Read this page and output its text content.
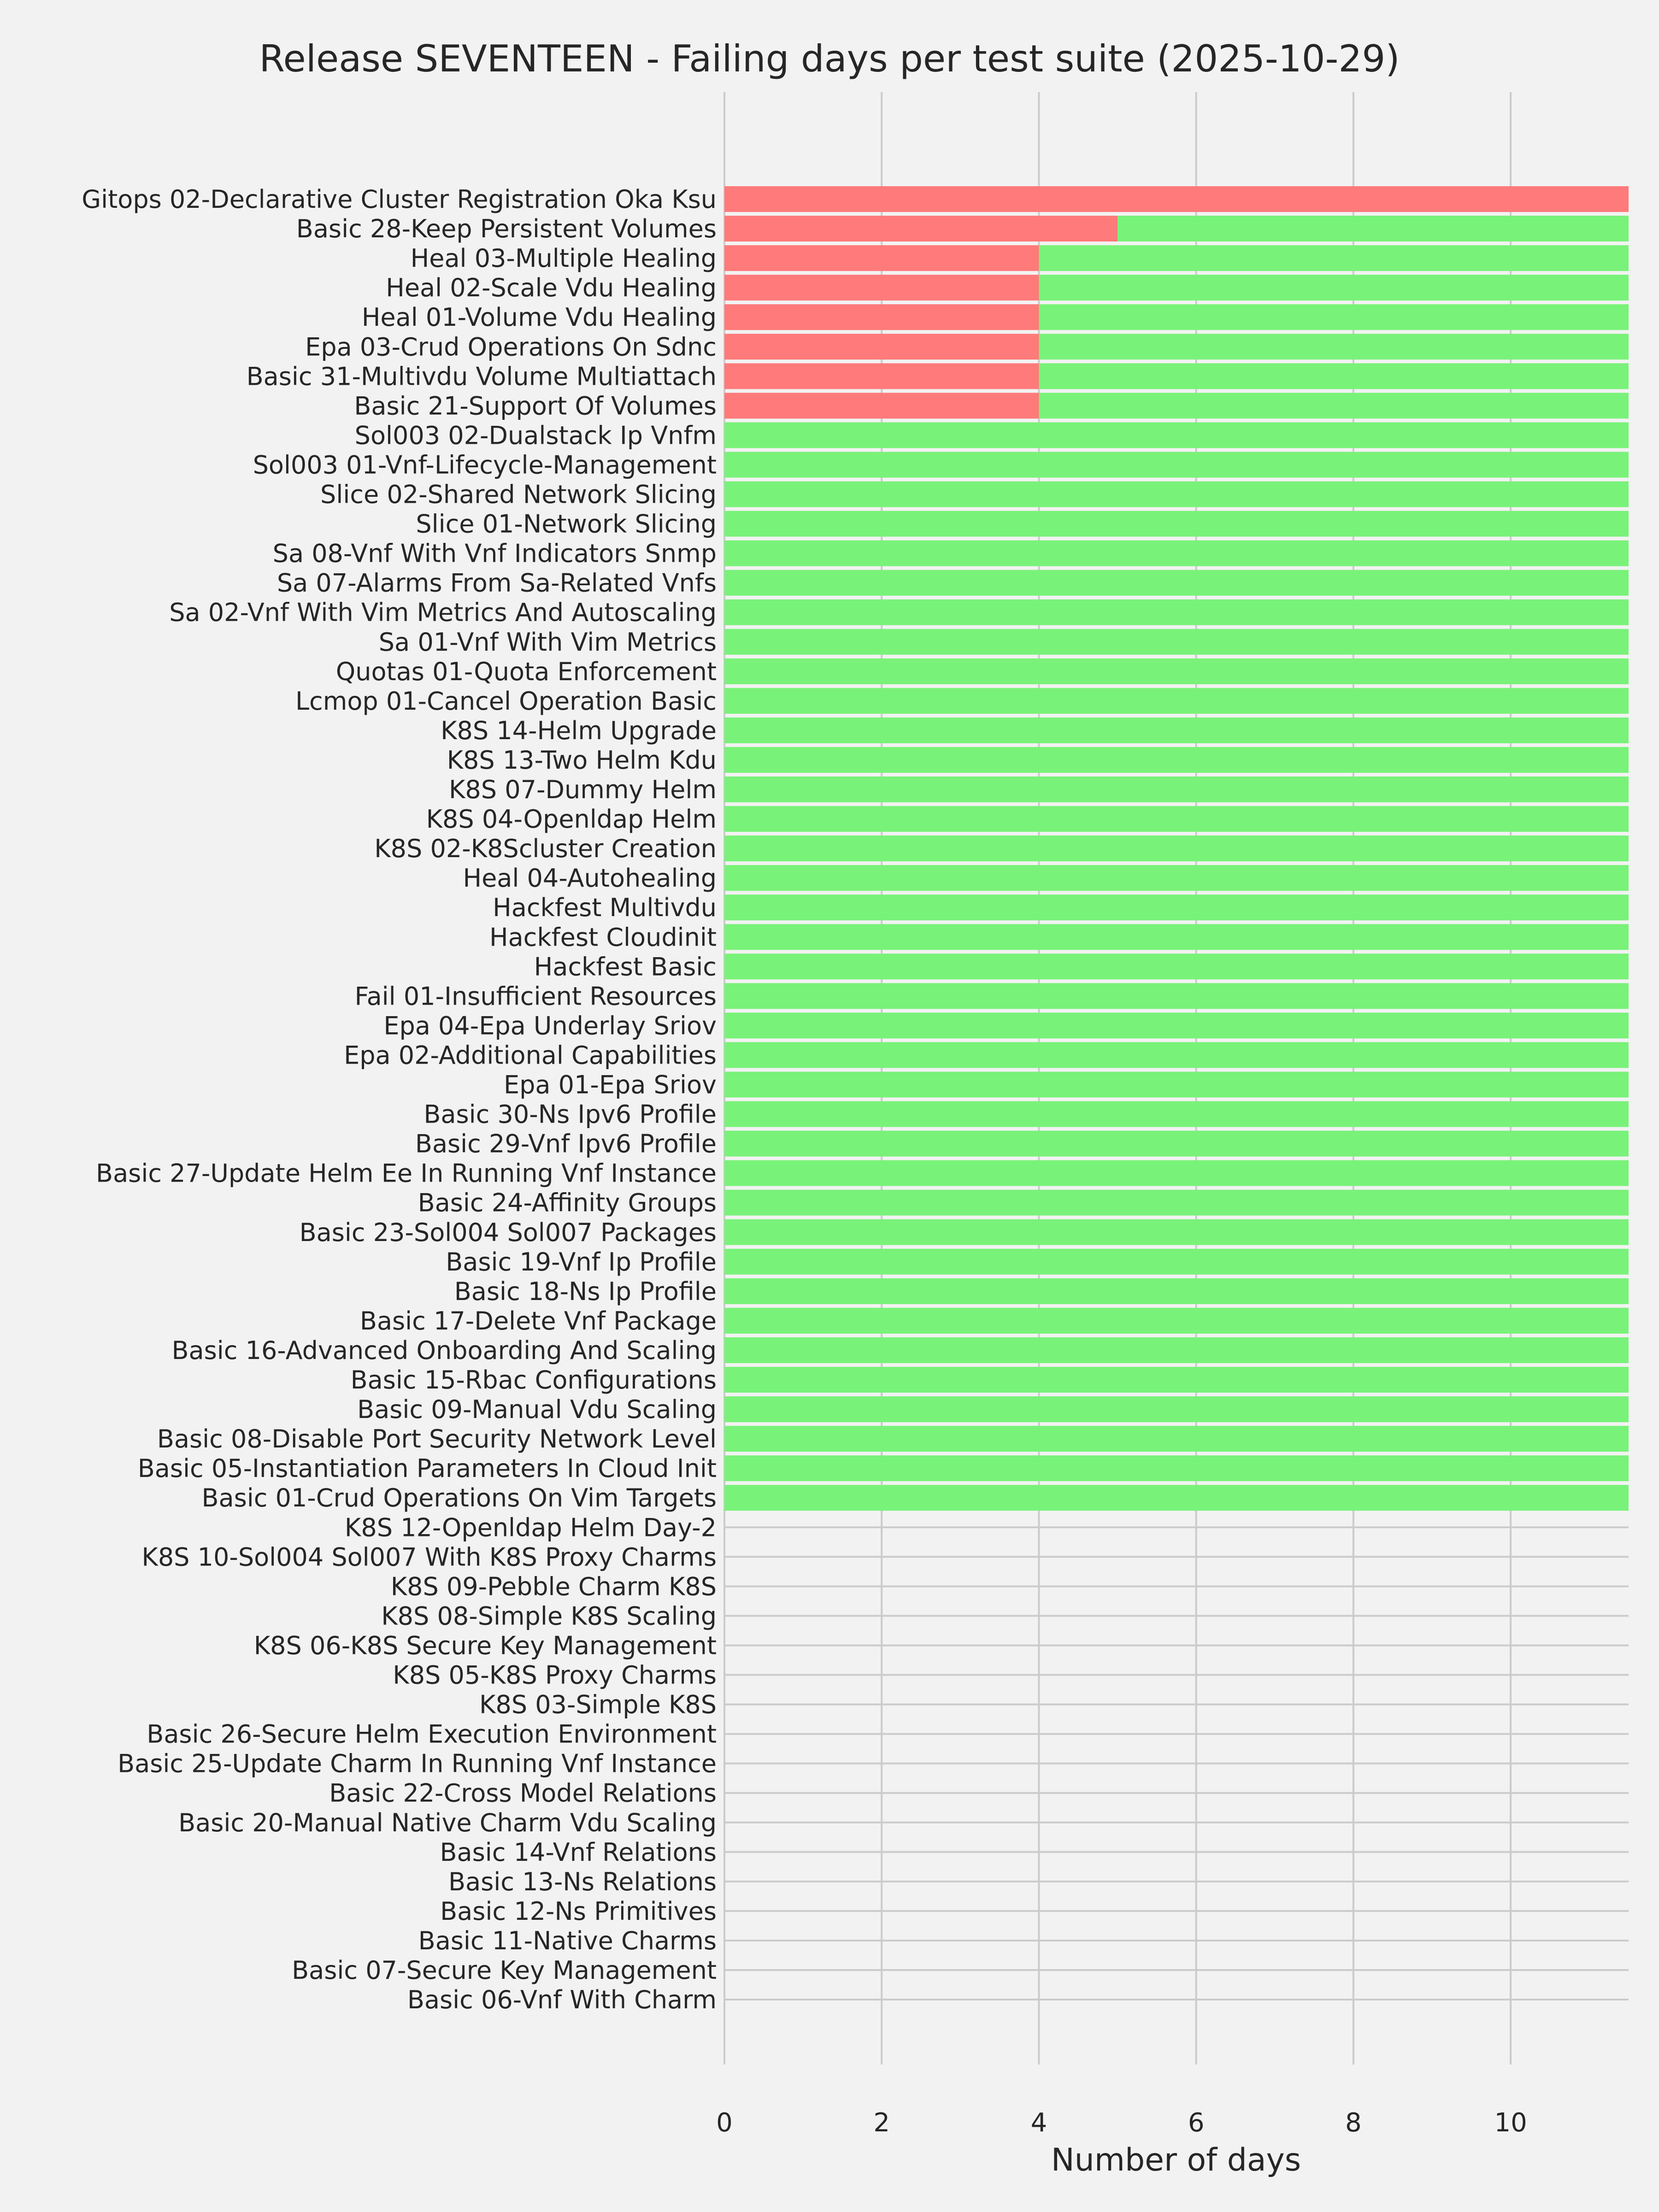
Gitops 02-Declarative Cluster Registration Oka Ksu
Basic 28-Keep Persistent Volumes
Heal 03-Multiple Healing
Heal 02-Scale Vdu Healing
Heal 01-Volume Vdu Healing
Epa 03-Crud Operations On Sdnc
Basic 31-Multivdu Volume Multiattach
Basic 21-Support Of Volumes
Sol003 02-Dualstack Ip Vnfm
Sol003 01-Vnf-Lifecycle-Management
Slice 02-Shared Network Slicing
Slice 01-Network Slicing
Sa 08-Vnf With Vnf Indicators Snmp
Sa 07-Alarms From Sa-Related Vnfs
Sa 02-Vnf With Vim Metrics And Autoscaling
Sa 01-Vnf With Vim Metrics
Quotas 01-Quota Enforcement
Lcmop 01-Cancel Operation Basic
K8S 14-Helm Upgrade
K8S 13-Two Helm Kdu
K8S 07-Dummy Helm
K8S 04-Openldap Helm
K8S 02-K8Scluster Creation
Heal 04-Autohealing
Hackfest Multivdu
Hackfest Cloudinit
Hackfest Basic
Fail 01-Insufficient Resources
Epa 04-Epa Underlay Sriov
Epa 02-Additional Capabilities
Epa 01-Epa Sriov
Basic 30-Ns Ipv6 Profile
Basic 29-Vnf Ipv6 Profile
Basic 27-Update Helm Ee In Running Vnf Instance
Basic 24-Affinity Groups
Basic 23-Sol004 Sol007 Packages
Basic 19-Vnf Ip Profile
Basic 18-Ns Ip Profile
Basic 17-Delete Vnf Package
Basic 16-Advanced Onboarding And Scaling
Basic 15-Rbac Configurations
Basic 09-Manual Vdu Scaling
Basic 08-Disable Port Security Network Level
Basic 05-Instantiation Parameters In Cloud Init
Basic 01-Crud Operations On Vim Targets
K8S 12-Openldap Helm Day-2
K8S 10-Sol004 Sol007 With K8S Proxy Charms
K8S 09-Pebble Charm K8S
K8S 08-Simple K8S Scaling
K8S 06-K8S Secure Key Management
K8S 05-K8S Proxy Charms
K8S 03-Simple K8S
Basic 26-Secure Helm Execution Environment
Basic 25-Update Charm In Running Vnf Instance
Basic 22-Cross Model Relations
Basic 20-Manual Native Charm Vdu Scaling
Basic 14-Vnf Relations
Basic 13-Ns Relations
Basic 12-Ns Primitives
Basic 11-Native Charms
Basic 07-Secure Key Management
Basic 06-Vnf With Charm
0	2	4	6	8	10
Release SEVENTEEN - Failing days per test suite (2025-10-29)
Number of days
